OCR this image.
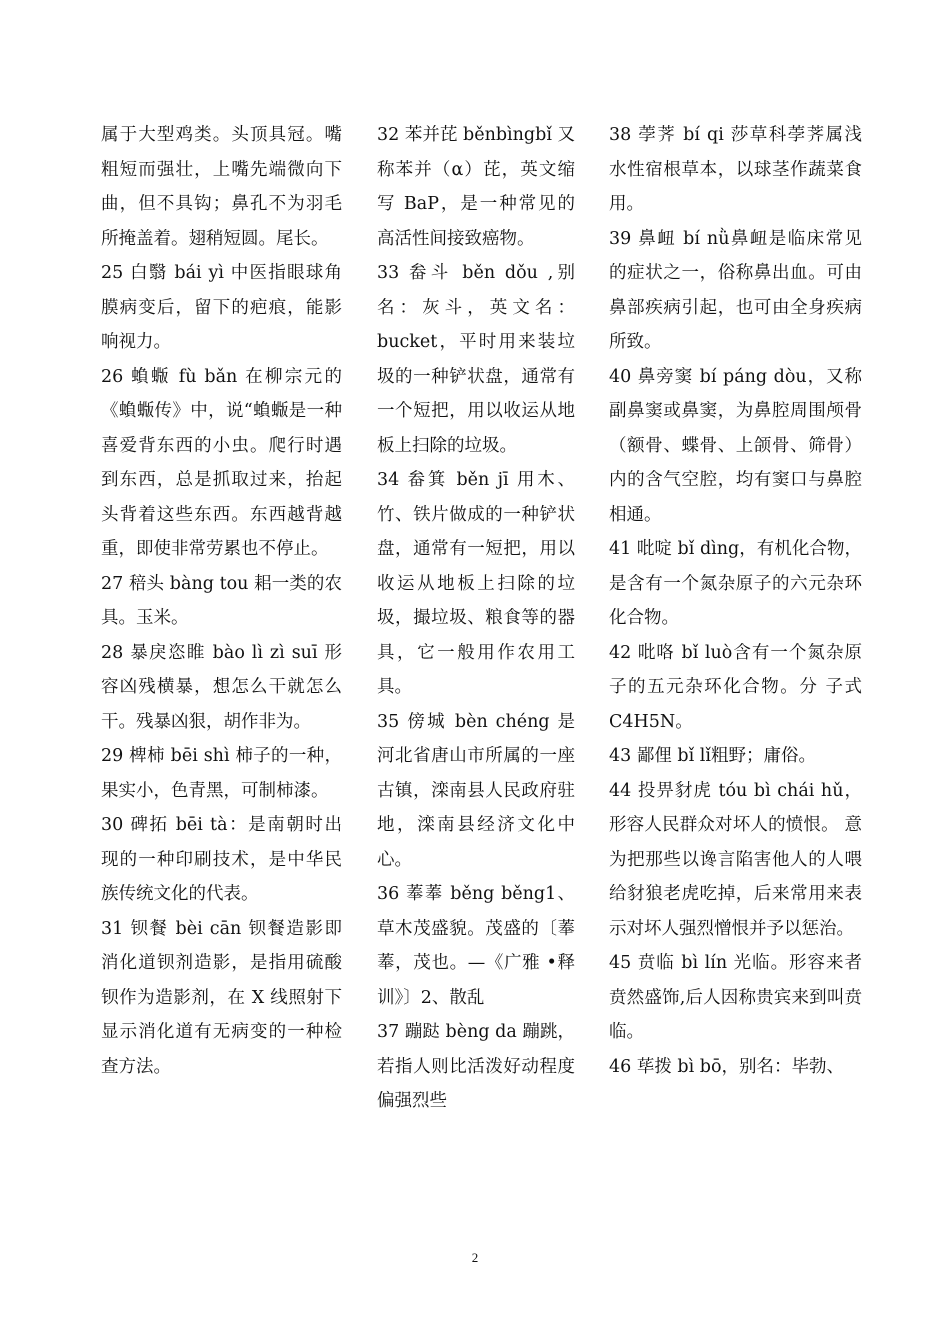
属于大型鸡类。头顶具冠。嘴粗短而强壮，上嘴先端微向下曲，但不具钩；鼻孔不为羽毛所掩盖着。翅稍短圆。尾长。

25 白翳 bái yì 中医指眼球角膜病变后，留下的疤痕，能影响视力。

26 蝜蝂 fù bǎn 在柳宗元的《蝜蝂传》中，说“蝜蝂是一种喜爱背东西的小虫。爬行时遇到东西，总是抓取过来，抬起头背着这些东西。东西越背越重，即使非常劳累也不停止。

27 稖头 bàng tou 耜一类的农具。玉米。

28 暴戾恣睢 bào lì zì suī 形容凶残横暴，想怎么干就怎么干。残暴凶狠，胡作非为。

29 椑柿 bēi shì 柿子的一种，果实小，色青黑，可制柿漆。

30 碑拓 bēi tà：是南朝时出现的一种印刷技术，是中华民族传统文化的代表。

31 钡餐 bèi cān 钡餐造影即消化道钡剂造影，是指用硫酸钡作为造影剂，在 X 线照射下显示消化道有无病变的一种检查方法。

32 苯并芘 běnbìngbǐ 又称苯并（α）芘，英文缩写 BaP，是一种常见的高活性间接致癌物。

33 畚斗 běn dǒu ,别名：灰斗，英文名：bucket，平时用来装垃圾的一种铲状盘，通常有一个短把，用以收运从地板上扫除的垃圾。

34 畚箕 běn jī 用木、竹、铁片做成的一种铲状盘，通常有一短把，用以收运从地板上扫除的垃圾，撮垃圾、粮食等的器具，它一般用作农用工具。

35 傍城 bèn chéng 是河北省唐山市所属的一座古镇，滦南县人民政府驻地，滦南县经济文化中心。

36 菶菶 běng běng1、草木茂盛貌。茂盛的〔菶菶，茂也。—《广雅 •释训》〕2、散乱

37 蹦跶 bèng da 蹦跳，若指人则比活泼好动程度偏强烈些

38 荸荠 bí qi 莎草科荸荠属浅水性宿根草本，以球茎作蔬菜食用。

39 鼻衄 bí nǜ鼻衄是临床常见的症状之一，俗称鼻出血。可由鼻部疾病引起，也可由全身疾病所致。

40 鼻旁窦 bí páng dòu，又称副鼻窦或鼻窦，为鼻腔周围颅骨（额骨、蝶骨、上颌骨、筛骨）内的含气空腔，均有窦口与鼻腔相通。

41 吡啶 bǐ dìng，有机化合物，是含有一个氮杂原子的六元杂环化合物。

42 吡咯 bǐ luò含有一个氮杂原子的五元杂环化合物。分 子式 C4H5N。

43 鄙俚 bǐ lǐ粗野；庸俗。

44 投畀豺虎 tóu bì chái hǔ，形容人民群众对坏人的愤恨。 意为把那些以谗言陷害他人的人喂给豺狼老虎吃掉，后来常用来表示对坏人强烈憎恨并予以惩治。

45 贲临 bì lín 光临。形容来者贲然盛饰,后人因称贵宾来到叫贲临。

46 荜拨 bì bō，别名：毕勃、

2
